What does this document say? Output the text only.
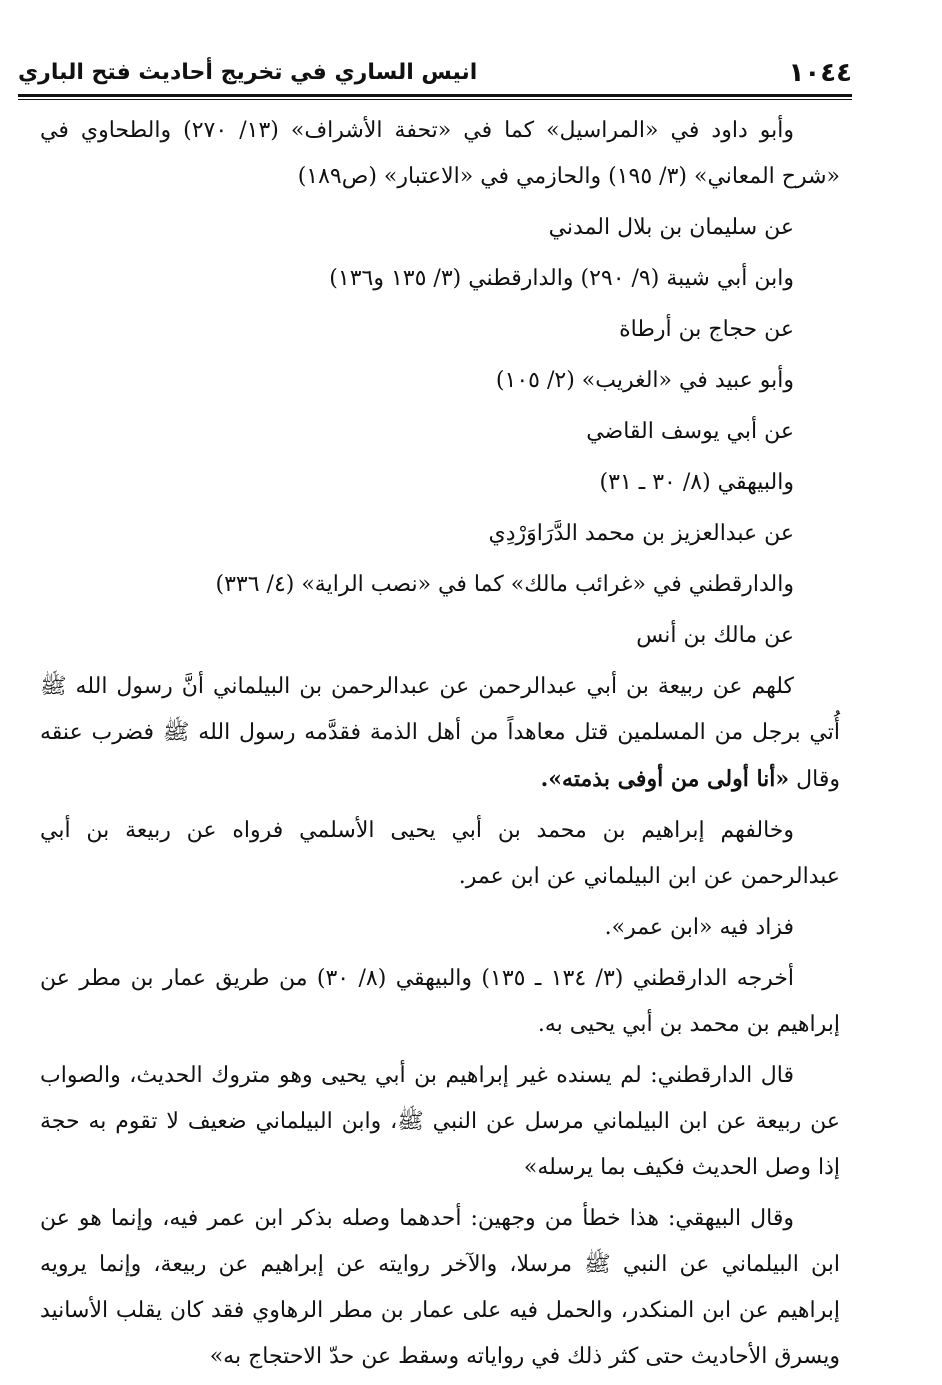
١٠٤٤
انيس الساري في تخريج أحاديث فتح الباري

وأبو داود في «المراسيل» كما في «تحفة الأشراف» (١٣/ ٢٧٠) والطحاوي في «شرح المعاني» (٣/ ١٩٥) والحازمي في «الاعتبار» (ص١٨٩)

عن سليمان بن بلال المدني

وابن أبي شيبة (٩/ ٢٩٠) والدارقطني (٣/ ١٣٥ و١٣٦)

عن حجاج بن أرطاة

وأبو عبيد في «الغريب» (٢/ ١٠٥)

عن أبي يوسف القاضي

والبيهقي (٨/ ٣٠ ـ ٣١)

عن عبدالعزيز بن محمد الدَّرَاوَرْدِي

والدارقطني في «غرائب مالك» كما في «نصب الراية» (٤/ ٣٣٦)

عن مالك بن أنس

كلهم عن ربيعة بن أبي عبدالرحمن عن عبدالرحمن بن البيلماني أنَّ رسول الله ﷺ أُتي برجل من المسلمين قتل معاهداً من أهل الذمة فقدَّمه رسول الله ﷺ فضرب عنقه وقال «أنا أولى من أوفى بذمته».

وخالفهم إبراهيم بن محمد بن أبي يحيى الأسلمي فرواه عن ربيعة بن أبي عبدالرحمن عن ابن البيلماني عن ابن عمر.

فزاد فيه «ابن عمر».

أخرجه الدارقطني (٣/ ١٣٤ ـ ١٣٥) والبيهقي (٨/ ٣٠) من طريق عمار بن مطر عن إبراهيم بن محمد بن أبي يحيى به.

قال الدارقطني: لم يسنده غير إبراهيم بن أبي يحيى وهو متروك الحديث، والصواب عن ربيعة عن ابن البيلماني مرسل عن النبي ﷺ، وابن البيلماني ضعيف لا تقوم به حجة إذا وصل الحديث فكيف بما يرسله»

وقال البيهقي: هذا خطأ من وجهين: أحدهما وصله بذكر ابن عمر فيه، وإنما هو عن ابن البيلماني عن النبي ﷺ مرسلا، والآخر روايته عن إبراهيم عن ربيعة، وإنما يرويه إبراهيم عن ابن المنكدر، والحمل فيه على عمار بن مطر الرهاوي فقد كان يقلب الأسانيد ويسرق الأحاديث حتى كثر ذلك في رواياته وسقط عن حدّ الاحتجاج به»
